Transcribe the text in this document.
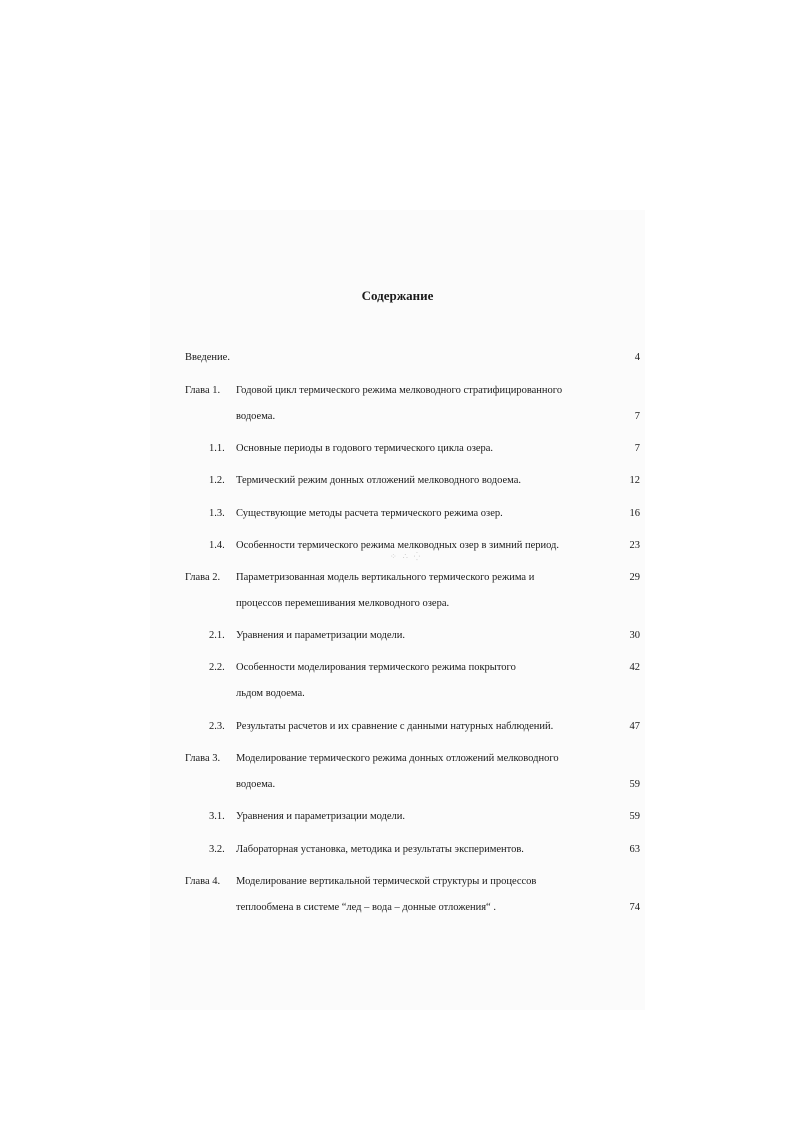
Содержание
Введение.	4
Глава 1. Годовой цикл термического режима мелководного стратифицированного
водоема.	7
1.1. Основные периоды в годового термического цикла озера.	7
1.2. Термический режим донных отложений мелководного водоема.	12
1.3. Существующие методы расчета термического режима озер.	16
1.4. Особенности термического режима мелководных озер в зимний период.	23
Глава 2. Параметризованная модель вертикального термического режима и	29
процессов перемешивания мелководного озера.
2.1. Уравнения и параметризации модели.	30
2.2. Особенности моделирования термического режима покрытого	42
льдом водоема.
2.3. Результаты расчетов и их сравнение с данными натурных наблюдений.	47
Глава 3. Моделирование термического режима донных отложений мелководного
водоема.	59
3.1. Уравнения и параметризации модели.	59
3.2. Лабораторная установка, методика и результаты экспериментов.	63
Глава 4. Моделирование вертикальной термической структуры и процессов
теплообмена в системе “лед – вода – донные отложения“ .	74
⁘ ∴ ⁛
